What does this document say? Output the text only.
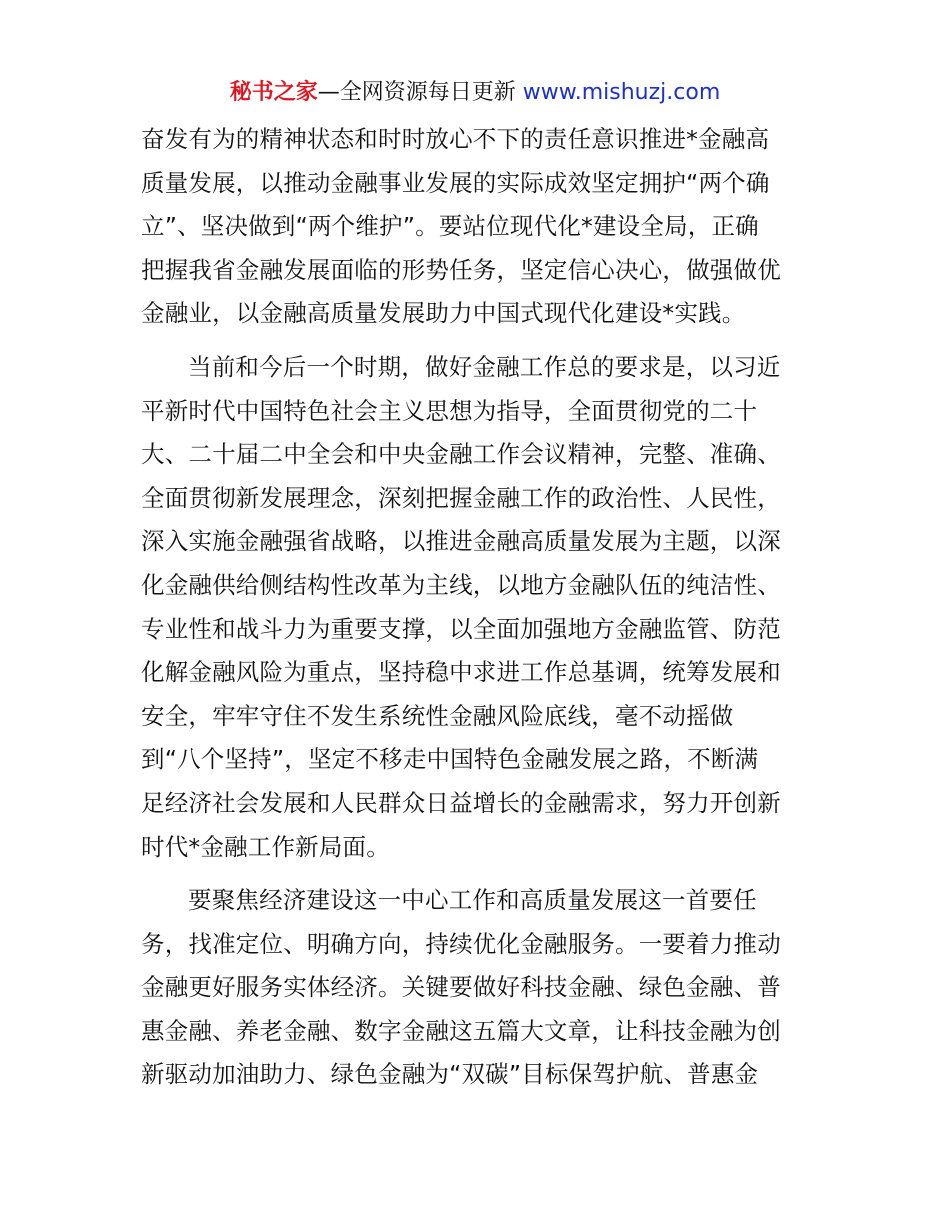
秘书之家—全网资源每日更新 www.mishuzj.com
奋发有为的精神状态和时时放心不下的责任意识推进*金融高
质量发展，以推动金融事业发展的实际成效坚定拥护“两个确
立”、坚决做到“两个维护”。要站位现代化*建设全局，正确
把握我省金融发展面临的形势任务，坚定信心决心，做强做优
金融业，以金融高质量发展助力中国式现代化建设*实践。
当前和今后一个时期，做好金融工作总的要求是，以习近
平新时代中国特色社会主义思想为指导，全面贯彻党的二十
大、二十届二中全会和中央金融工作会议精神，完整、准确、
全面贯彻新发展理念，深刻把握金融工作的政治性、人民性，
深入实施金融强省战略，以推进金融高质量发展为主题，以深
化金融供给侧结构性改革为主线，以地方金融队伍的纯洁性、
专业性和战斗力为重要支撑，以全面加强地方金融监管、防范
化解金融风险为重点，坚持稳中求进工作总基调，统筹发展和
安全，牢牢守住不发生系统性金融风险底线，毫不动摇做
到“八个坚持”，坚定不移走中国特色金融发展之路，不断满
足经济社会发展和人民群众日益增长的金融需求，努力开创新
时代*金融工作新局面。
要聚焦经济建设这一中心工作和高质量发展这一首要任
务，找准定位、明确方向，持续优化金融服务。一要着力推动
金融更好服务实体经济。关键要做好科技金融、绿色金融、普
惠金融、养老金融、数字金融这五篇大文章，让科技金融为创
新驱动加油助力、绿色金融为“双碳”目标保驾护航、普惠金
